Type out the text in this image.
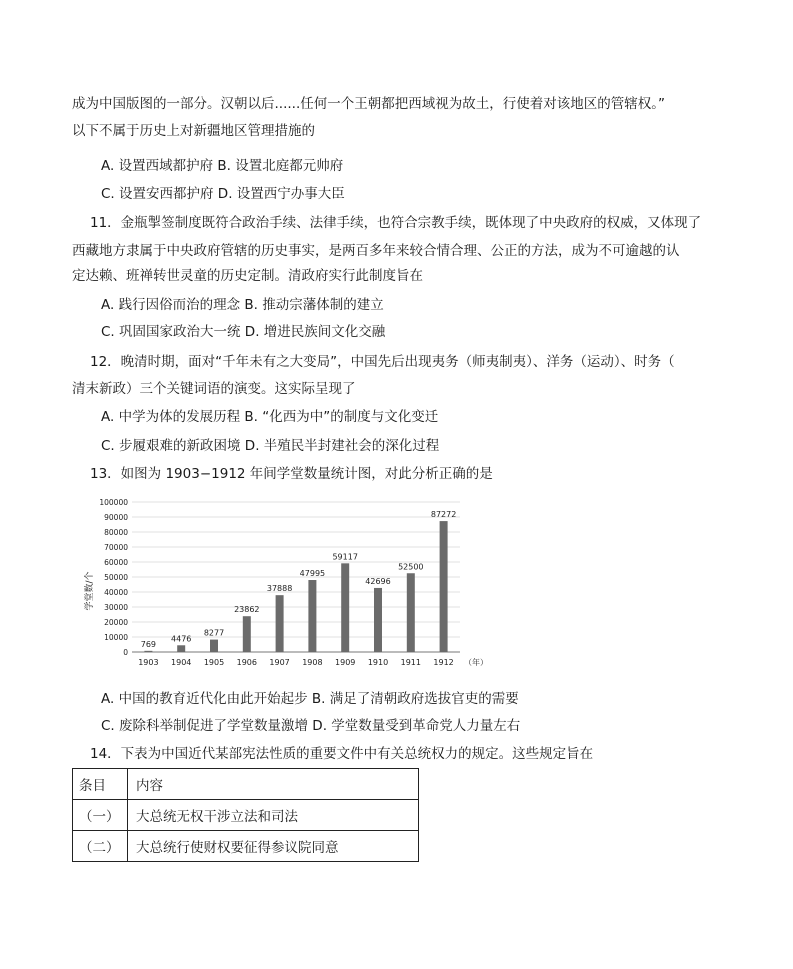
成为中国版图的一部分。汉朝以后......任何一个王朝都把西域视为故土，行使着对该地区的管辖权。”
以下不属于历史上对新疆地区管理措施的
A. 设置西域都护府 B. 设置北庭都元帅府
C. 设置安西都护府 D. 设置西宁办事大臣
11．金瓶掣签制度既符合政治手续、法律手续，也符合宗教手续，既体现了中央政府的权威，又体现了
西藏地方隶属于中央政府管辖的历史事实，是两百多年来较合情合理、公正的方法，成为不可逾越的认
定达赖、班禅转世灵童的历史定制。清政府实行此制度旨在
A. 践行因俗而治的理念 B. 推动宗藩体制的建立
C. 巩固国家政治大一统 D. 增进民族间文化交融
12．晚清时期，面对“千年未有之大变局”，中国先后出现夷务（师夷制夷）、洋务（运动）、时务（
清末新政）三个关键词语的演变。这实际呈现了
A. 中学为体的发展历程 B. “化西为中”的制度与文化变迁
C. 步履艰难的新政困境 D. 半殖民半封建社会的深化过程
13．如图为 1903−1912 年间学堂数量统计图，对此分析正确的是
0
10000
20000
30000
40000
50000
60000
70000
80000
90000
100000
学堂数/个
769
1903
4476
1904
8277
1905
23862
1906
37888
1907
47995
1908
59117
1909
42696
1910
52500
1911
87272
1912 （年）
A. 中国的教育近代化由此开始起步 B. 满足了清朝政府选拔官吏的需要
C. 废除科举制促进了学堂数量激增 D. 学堂数量受到革命党人力量左右
14．下表为中国近代某部宪法性质的重要文件中有关总统权力的规定。这些规定旨在
条目	内容
（一）	大总统无权干涉立法和司法
（二）	大总统行使财权要征得参议院同意
